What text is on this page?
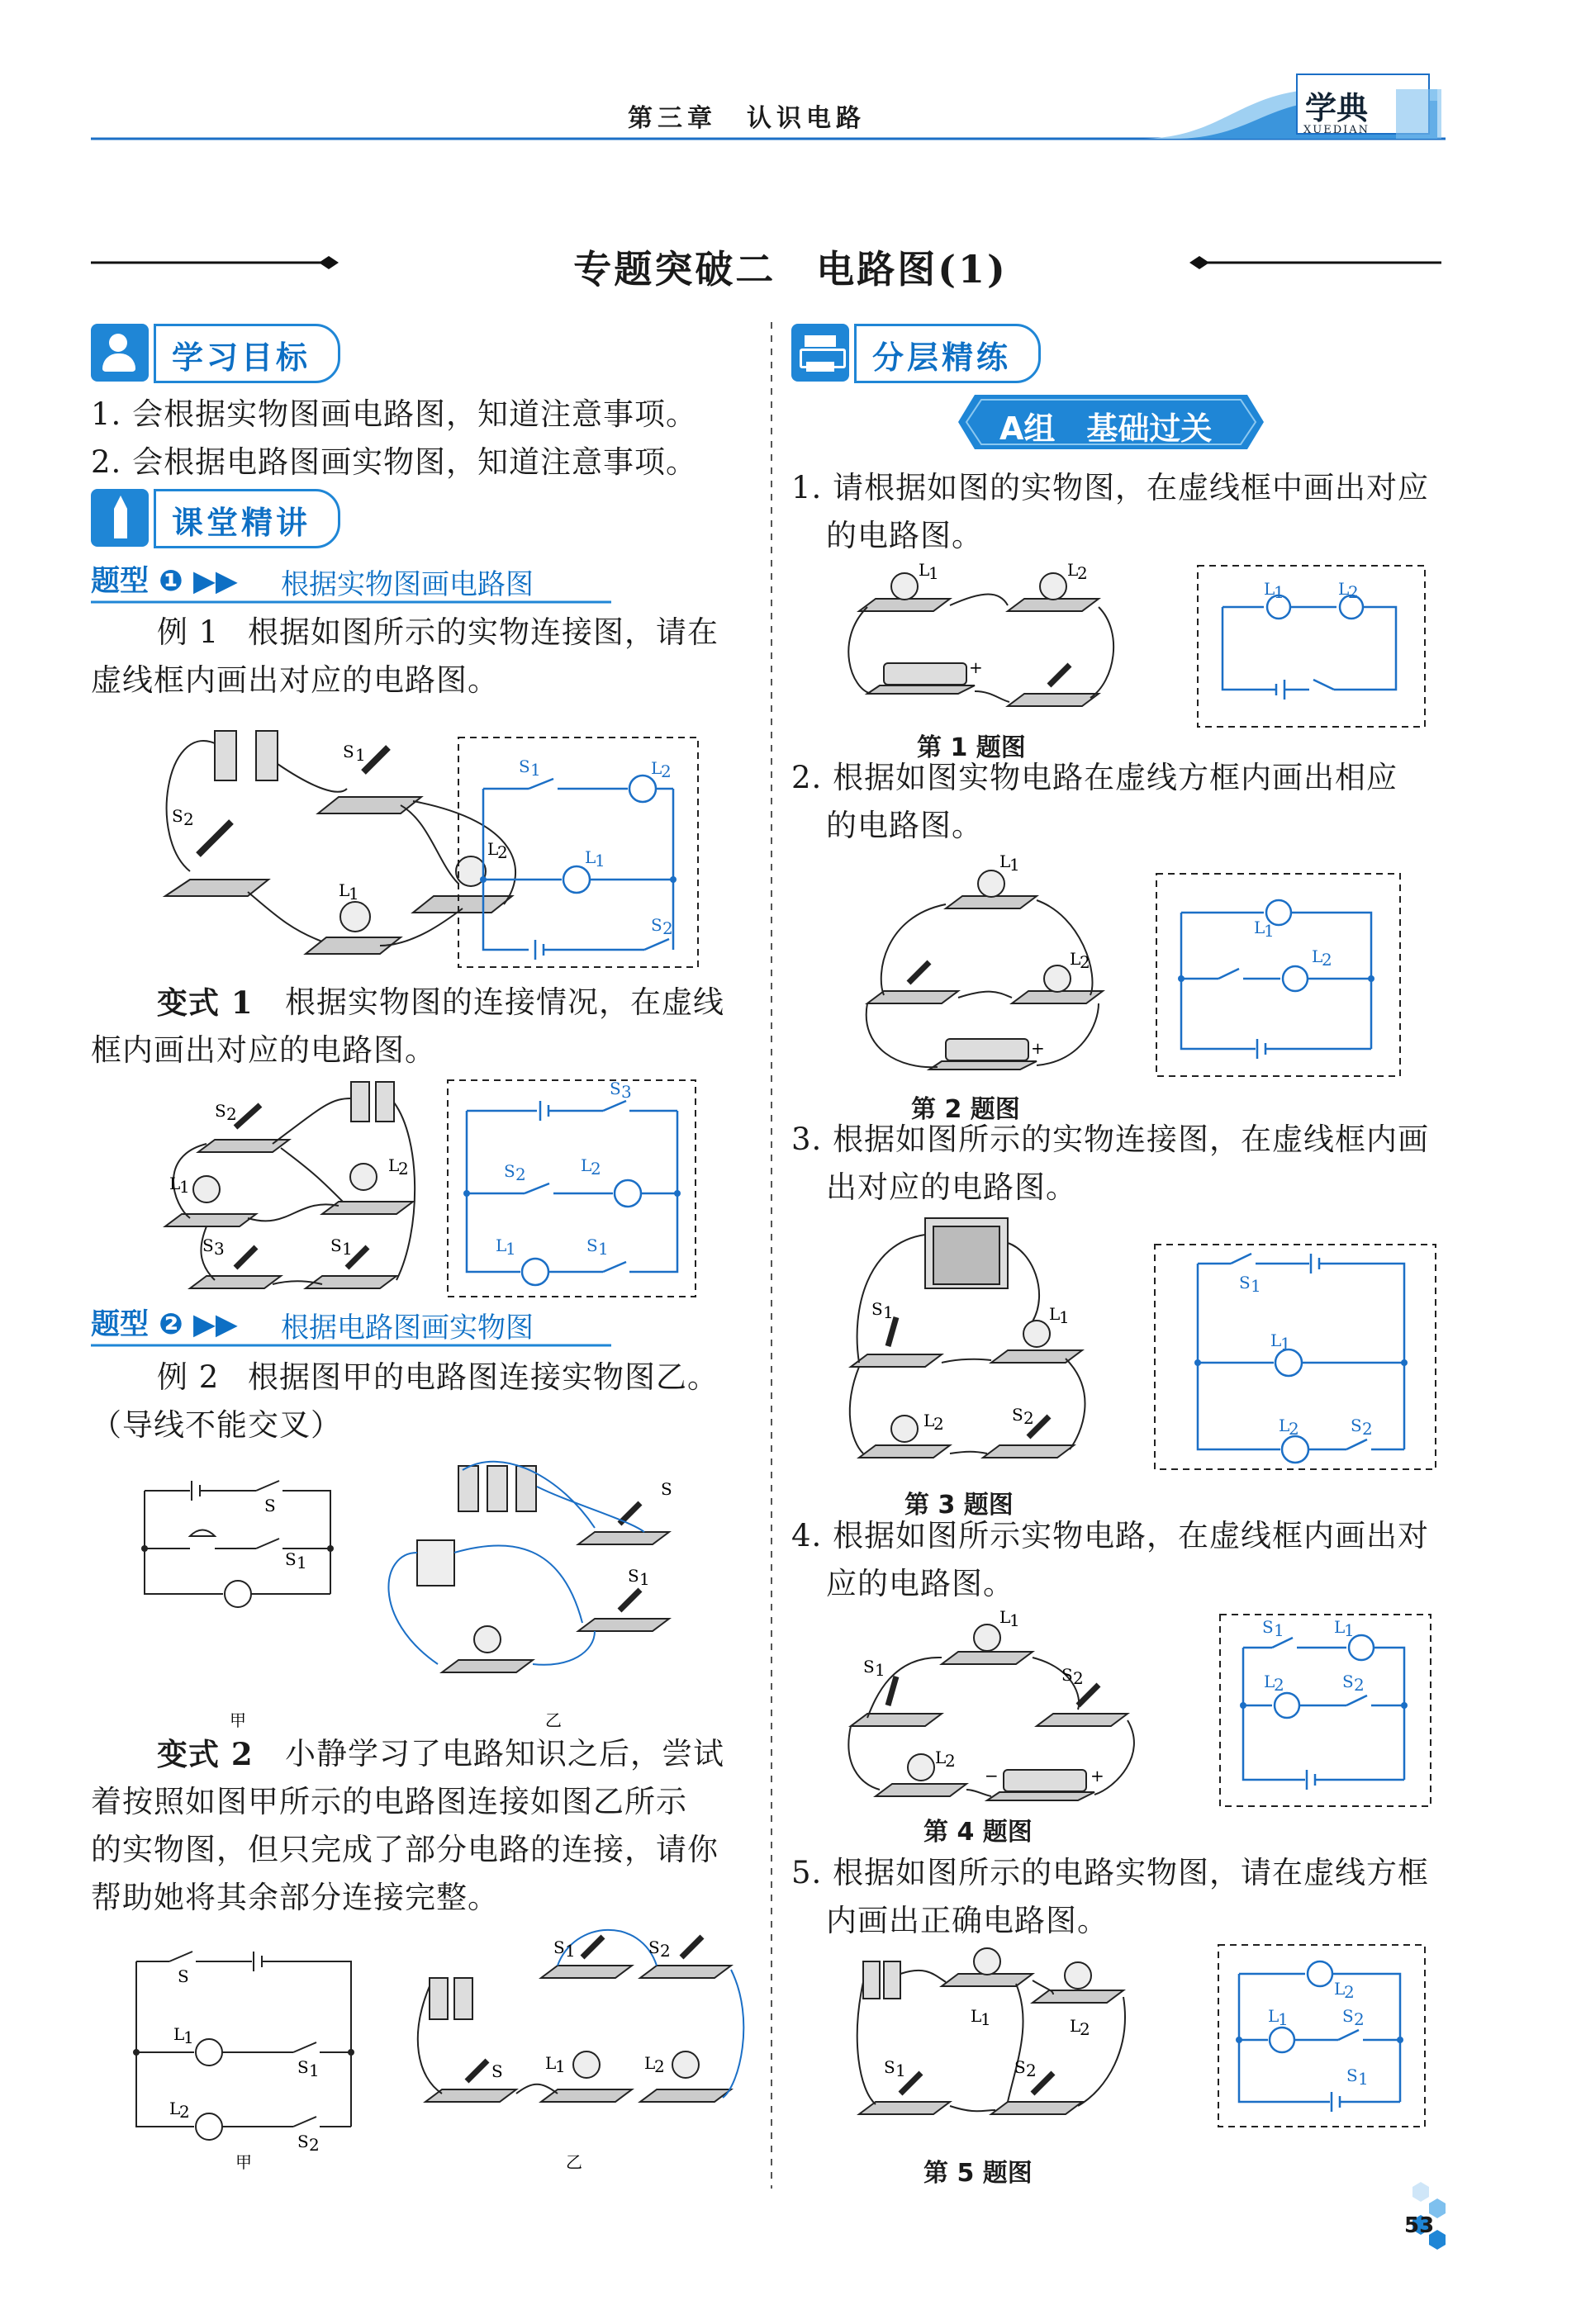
第三章　认识电路	学典
XUEDIAN
专题突破二　电路图(1)
学习目标
1. 会根据实物图画电路图，知道注意事项。
2. 会根据电路图画实物图，知道注意事项。
课堂精讲
题型 ❶ ▶▶ 根据实物图画电路图
例 1 根据如图所示的实物连接图，请在
虚线框内画出对应的电路图。
S 1
S 2
L
2
L
1
S 1	L
2
L
1
S 2
变式 1 根据实物图的连接情况，在虚线
框内画出对应的电路图。
S 2
L
1
L
2
S 3	S 1
S 3
S 2	L
2
L
1	S 1
题型 ❷ ▶▶ 根据电路图画实物图
例 2 根据图甲的电路图连接实物图乙。
（导线不能交叉）
S
S 1
甲
S
S 1
乙
变式 2 小静学习了电路知识之后，尝试
着按照如图甲所示的电路图连接如图乙所示
的实物图，但只完成了部分电路的连接，请你
帮助她将其余部分连接完整。
S
L
1
S 1
L
2
S 2
甲
S 1	S 2
S	L
1	L
2
乙
分层精练
A组　基础过关
1. 请根据如图的实物图，在虚线框中画出对应
的电路图。
L
1	L
2
+
L
1	L
2
第 1 题图
2. 根据如图实物电路在虚线方框内画出相应
的电路图。
L
1
L
2
+
L
1
L
2
第 2 题图
3. 根据如图所示的实物连接图，在虚线框内画
出对应的电路图。
S 1	L
1
L
2	S 2
S 1
L
1
L
2	S 2
第 3 题图
4. 根据如图所示实物电路，在虚线框内画出对
应的电路图。
L
1
S 1	S 2
L
2
−	+
S 1	L
1
L
2	S 2
第 4 题图
5. 根据如图所示的电路实物图，请在虚线方框
内画出正确电路图。
L
1	L
2
S 1	S 2
L
2
L
1	S 2
S 1
第 5 题图
53
